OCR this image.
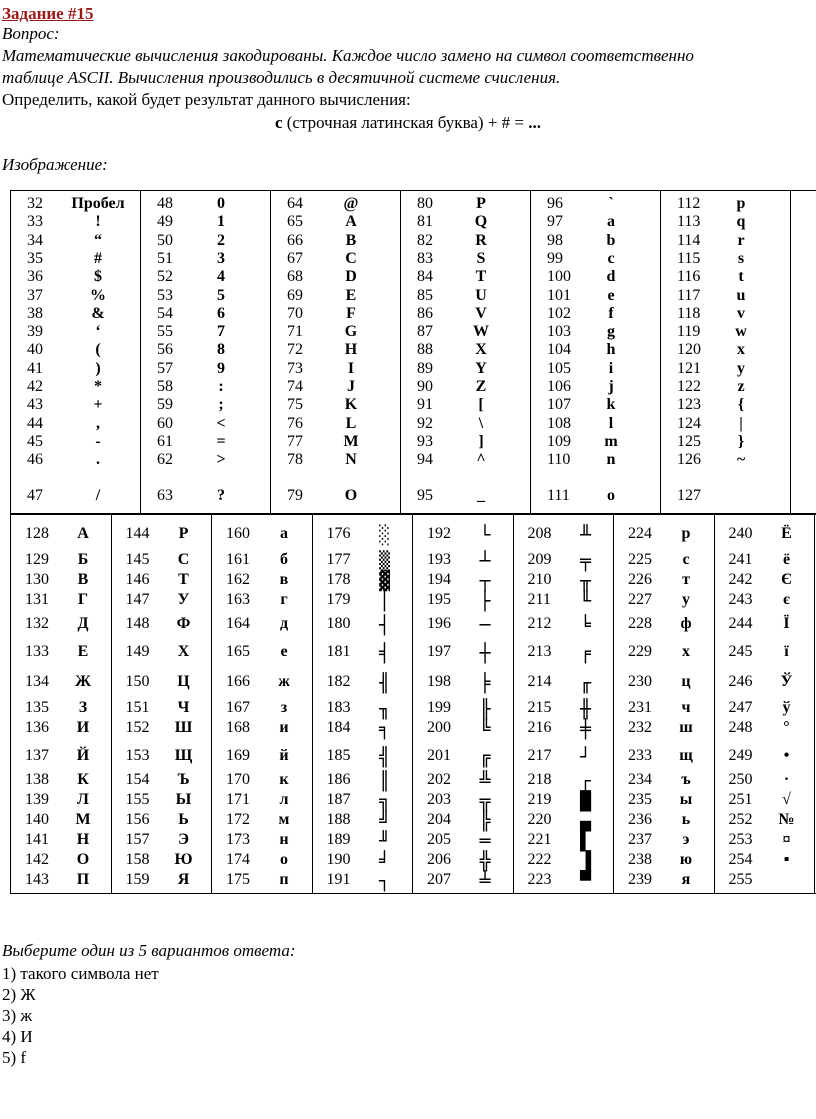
Задание #15
Вопрос:
Математические вычисления закодированы. Каждое число замено на символ соответственно
таблице ASCII. Вычисления производились в десятичной системе счисления.
Определить, какой будет результат данного вычисления:
с (строчная латинская буква) + # = ...
Изображение:
32	Пробел
33	!
34	“
35	#
36	$
37	%
38	&
39	‘
40	(
41	)
42	*
43	+
44	,
45	-
46	.
47	/
48	0
49	1
50	2
51	3
52	4
53	5
54	6
55	7
56	8
57	9
58	:
59	;
60	<
61	=
62	>
63	?
64	@
65	A
66	B
67	C
68	D
69	E
70	F
71	G
72	H
73	I
74	J
75	K
76	L
77	M
78	N
79	O
80	P
81	Q
82	R
83	S
84	T
85	U
86	V
87	W
88	X
89	Y
90	Z
91	[
92	\
93	]
94	^
95	_
96	`
97	a
98	b
99	c
100	d
101	e
102	f
103	g
104	h
105	i
106	j
107	k
108	l
109	m
110	n
111	o
112	p
113	q
114	r
115	s
116	t
117	u
118	v
119	w
120	x
121	y
122	z
123	{
124	|
125	}
126	~
127
128	А
129	Б
130	В
131	Г
132	Д
133	Е
134	Ж
135	З
136	И
137	Й
138	К
139	Л
140	М
141	Н
142	О
143	П
144	Р
145	С
146	Т
147	У
148	Ф
149	Х
150	Ц
151	Ч
152	Ш
153	Щ
154	Ъ
155	Ы
156	Ь
157	Э
158	Ю
159	Я
160	а
161	б
162	в
163	г
164	д
165	е
166	ж
167	з
168	и
169	й
170	к
171	л
172	м
173	н
174	о
175	п
176	░
177	▒
178	▓
179	│
180	┤
181	╡
182	╢
183	╖
184	╕
185	╣
186	║
187	╗
188	╝
189	╜
190	╛
191	┐
192	└
193	┴
194	┬
195	├
196	─
197	┼
198	╞
199	╟
200	╚
201	╔
202	╩
203	╦
204	╠
205	═
206	╬
207	╧
208	╨
209	╤
210	╥
211	╙
212	╘
213	╒
214	╓
215	╫
216	╪
217	┘
218	┌
219	█
220	▄
221	▌
222	▐
223	▀
224	р
225	с
226	т
227	у
228	ф
229	х
230	ц
231	ч
232	ш
233	щ
234	ъ
235	ы
236	ь
237	э
238	ю
239	я
240	Ё
241	ё
242	Є
243	є
244	Ї
245	ї
246	Ў
247	ў
248	°
249	•
250	·
251	√
252	№
253	¤
254	▪
255
Выберите один из 5 вариантов ответа:
1) такого символа нет
2) Ж
3) ж
4) И
5) f
